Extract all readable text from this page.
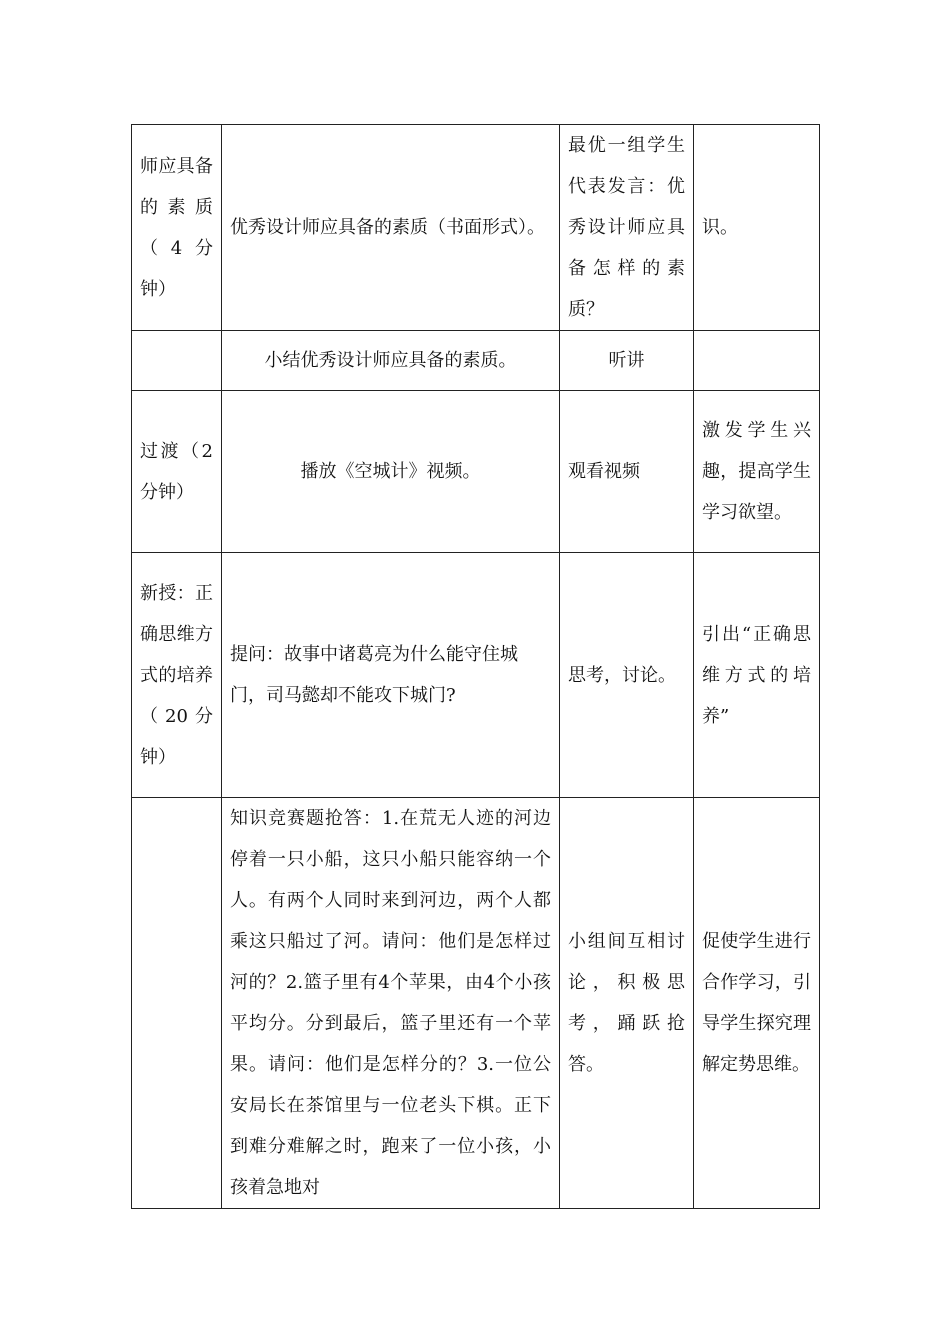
师应具备的素质（4分钟）	优秀设计师应具备的素质（书面形式）。	最优一组学生代表发言：优秀设计师应具备怎样的素质？	识。
	小结优秀设计师应具备的素质。	听讲	
过渡（2分钟）	播放《空城计》视频。	观看视频	激发学生兴趣，提高学生学习欲望。
新授：正确思维方式的培养（20分钟）	提问：故事中诸葛亮为什么能守住城门，司马懿却不能攻下城门?	思考，讨论。	引出“正确思维方式的培养”
	知识竞赛题抢答：1.在荒无人迹的河边停着一只小船，这只小船只能容纳一个人。有两个人同时来到河边，两个人都乘这只船过了河。请问：他们是怎样过河的？2.篮子里有4个苹果，由4个小孩平均分。分到最后，篮子里还有一个苹果。请问：他们是怎样分的？3.一位公安局长在茶馆里与一位老头下棋。正下到难分难解之时，跑来了一位小孩，小孩着急地对	小组间互相讨论，积极思考，踊跃抢答。	促使学生进行合作学习，引导学生探究理解定势思维。
